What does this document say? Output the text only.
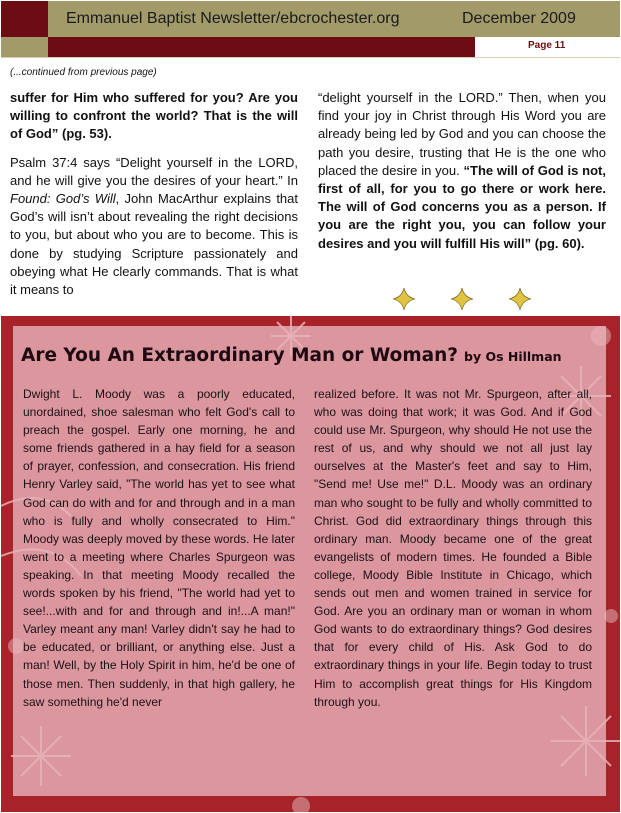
Emmanuel Baptist Newsletter/ebcrochester.org	December 2009
Page 11
(...continued from previous page)

suffer for Him who suffered for you? Are you willing to confront the world? That is the will of God” (pg. 53).

Psalm 37:4 says “Delight yourself in the LORD, and he will give you the desires of your heart.” In Found: God’s Will, John MacArthur explains that God’s will isn’t about revealing the right decisions to you, but about who you are to become. This is done by studying Scripture passionately and obeying what He clearly commands. That is what it means to

“delight yourself in the LORD.” Then, when you find your joy in Christ through His Word you are already being led by God and you can choose the path you desire, trusting that He is the one who placed the desire in you. “The will of God is not, first of all, for you to go there or work here. The will of God concerns you as a person. If you are the right you, you can follow your desires and you will fulfill His will” (pg. 60).

Are You An Extraordinary Man or Woman? by Os Hillman
Dwight L. Moody was a poorly educated, unordained, shoe salesman who felt God's call to preach the gospel. Early one morning, he and some friends gathered in a hay field for a season of prayer, confession, and consecration. His friend Henry Varley said, "The world has yet to see what God can do with and for and through and in a man who is fully and wholly consecrated to Him." Moody was deeply moved by these words. He later went to a meeting where Charles Spurgeon was speaking. In that meeting Moody recalled the words spoken by his friend, "The world had yet to see!...with and for and through and in!...A man!" Varley meant any man! Varley didn't say he had to be educated, or brilliant, or anything else. Just a man! Well, by the Holy Spirit in him, he'd be one of those men. Then suddenly, in that high gallery, he saw something he'd never
realized before. It was not Mr. Spurgeon, after all, who was doing that work; it was God. And if God could use Mr. Spurgeon, why should He not use the rest of us, and why should we not all just lay ourselves at the Master's feet and say to Him, "Send me! Use me!" D.L. Moody was an ordinary man who sought to be fully and wholly committed to Christ. God did extraordinary things through this ordinary man. Moody became one of the great evangelists of modern times. He founded a Bible college, Moody Bible Institute in Chicago, which sends out men and women trained in service for God. Are you an ordinary man or woman in whom God wants to do extraordinary things? God desires that for every child of His. Ask God to do extraordinary things in your life. Begin today to trust Him to accomplish great things for His Kingdom through you.
